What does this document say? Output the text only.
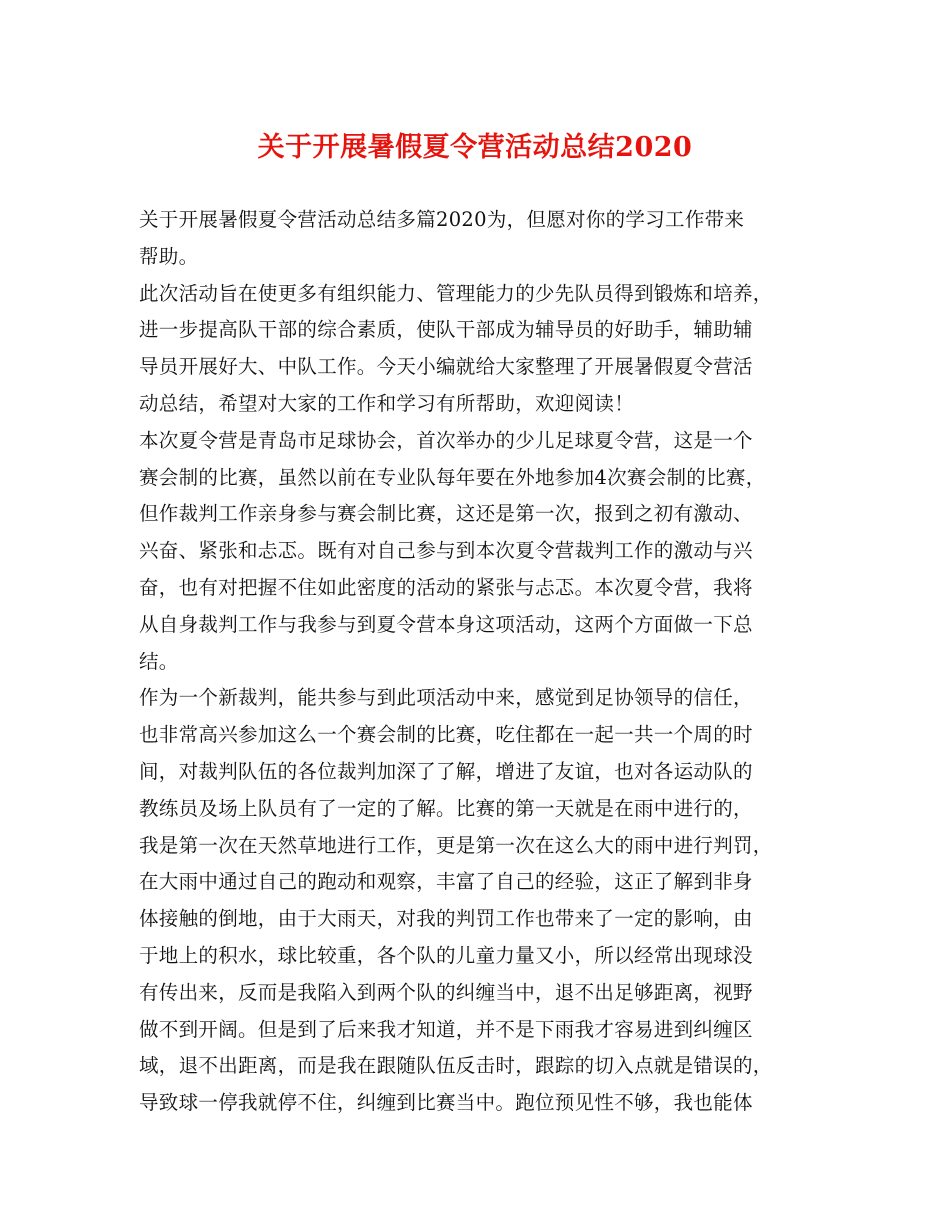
关于开展暑假夏令营活动总结2020
关于开展暑假夏令营活动总结多篇2020为，但愿对你的学习工作带来
帮助。
此次活动旨在使更多有组织能力、管理能力的少先队员得到锻炼和培养，
进一步提高队干部的综合素质，使队干部成为辅导员的好助手，辅助辅
导员开展好大、中队工作。今天小编就给大家整理了开展暑假夏令营活
动总结，希望对大家的工作和学习有所帮助，欢迎阅读！
本次夏令营是青岛市足球协会，首次举办的少儿足球夏令营，这是一个
赛会制的比赛，虽然以前在专业队每年要在外地参加4次赛会制的比赛，
但作裁判工作亲身参与赛会制比赛，这还是第一次，报到之初有激动、
兴奋、紧张和忐忑。既有对自己参与到本次夏令营裁判工作的激动与兴
奋，也有对把握不住如此密度的活动的紧张与忐忑。本次夏令营，我将
从自身裁判工作与我参与到夏令营本身这项活动，这两个方面做一下总
结。
作为一个新裁判，能共参与到此项活动中来，感觉到足协领导的信任，
也非常高兴参加这么一个赛会制的比赛，吃住都在一起一共一个周的时
间，对裁判队伍的各位裁判加深了了解，增进了友谊，也对各运动队的
教练员及场上队员有了一定的了解。比赛的第一天就是在雨中进行的，
我是第一次在天然草地进行工作，更是第一次在这么大的雨中进行判罚，
在大雨中通过自己的跑动和观察，丰富了自己的经验，这正了解到非身
体接触的倒地，由于大雨天，对我的判罚工作也带来了一定的影响，由
于地上的积水，球比较重，各个队的儿童力量又小，所以经常出现球没
有传出来，反而是我陷入到两个队的纠缠当中，退不出足够距离，视野
做不到开阔。但是到了后来我才知道，并不是下雨我才容易进到纠缠区
域，退不出距离，而是我在跟随队伍反击时，跟踪的切入点就是错误的，
导致球一停我就停不住，纠缠到比赛当中。跑位预见性不够，我也能体
